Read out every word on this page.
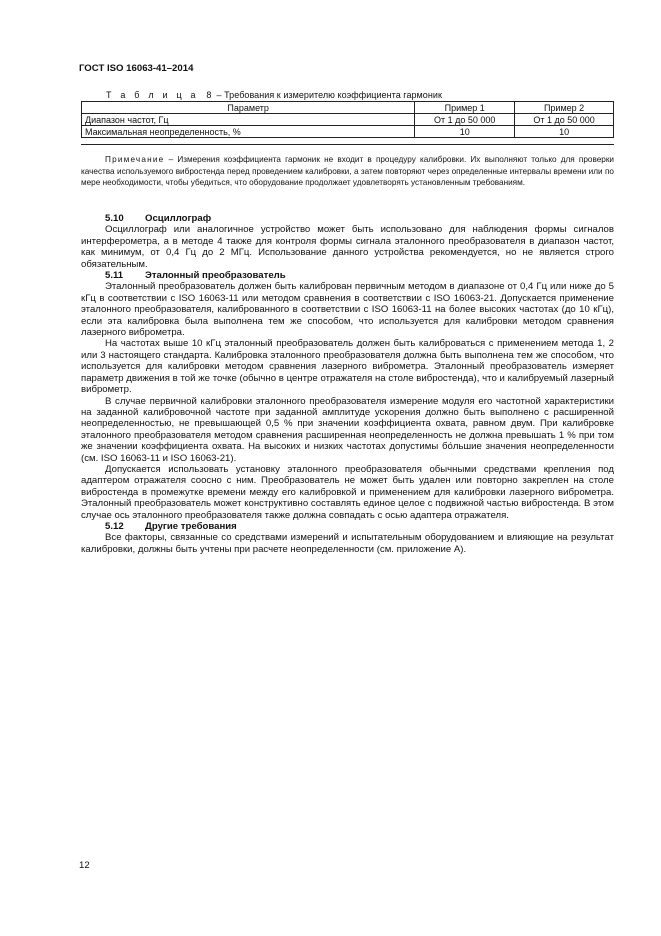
ГОСТ ISO 16063-41–2014
Т а б л и ц а 8 – Требования к измерителю коэффициента гармоник
Параметр	Пример 1	Пример 2
Диапазон частот, Гц	От 1 до 50 000	От 1 до 50 000
Максимальная неопределенность, %	10	10
Примечание – Измерения коэффициента гармоник не входит в процедуру калибровки. Их выполняют только для проверки качества используемого вибростенда перед проведением калибровки, а затем повторяют через определенные интервалы времени или по мере необходимости, чтобы убедиться, что оборудование продолжает удовлетворять установленным требованиям.
5.10 Осциллограф

Осциллограф или аналогичное устройство может быть использовано для наблюдения формы сигналов интерферометра, а в методе 4 также для контроля формы сигнала эталонного преобразователя в диапазон частот, как минимум, от 0,4 Гц до 2 МГц. Использование данного устройства рекомендуется, но не является строго обязательным.

5.11 Эталонный преобразователь

Эталонный преобразователь должен быть калиброван первичным методом в диапазоне от 0,4 Гц или ниже до 5 кГц в соответствии с ISO 16063-11 или методом сравнения в соответствии с ISO 16063-21. Допускается применение эталонного преобразователя, калиброванного в соответствии с ISO 16063-11 на более высоких частотах (до 10 кГц), если эта калибровка была выполнена тем же способом, что используется для калибровки методом сравнения лазерного виброметра.

На частотах выше 10 кГц эталонный преобразователь должен быть калиброваться с применением метода 1, 2 или 3 настоящего стандарта. Калибровка эталонного преобразователя должна быть выполнена тем же способом, что используется для калибровки методом сравнения лазерного виброметра. Эталонный преобразователь измеряет параметр движения в той же точке (обычно в центре отражателя на столе вибростенда), что и калибруемый лазерный виброметр.

В случае первичной калибровки эталонного преобразователя измерение модуля его частотной характеристики на заданной калибровочной частоте при заданной амплитуде ускорения должно быть выполнено с расширенной неопределенностью, не превышающей 0,5 % при значении коэффициента охвата, равном двум. При калибровке эталонного преобразователя методом сравнения расширенная неопределенность не должна превышать 1 % при том же значении коэффициента охвата. На высоких и низких частотах допустимы бо́льшие значения неопределенности (см. ISO 16063-11 и ISO 16063-21).

Допускается использовать установку эталонного преобразователя обычными средствами крепления под адаптером отражателя соосно с ним. Преобразователь не может быть удален или повторно закреплен на столе вибростенда в промежутке времени между его калибровкой и применением для калибровки лазерного виброметра. Эталонный преобразователь может конструктивно составлять единое целое с подвижной частью вибростенда. В этом случае ось эталонного преобразователя также должна совпадать с осью адаптера отражателя.

5.12 Другие требования

Все факторы, связанные со средствами измерений и испытательным оборудованием и влияющие на результат калибровки, должны быть учтены при расчете неопределенности (см. приложение А).

12
